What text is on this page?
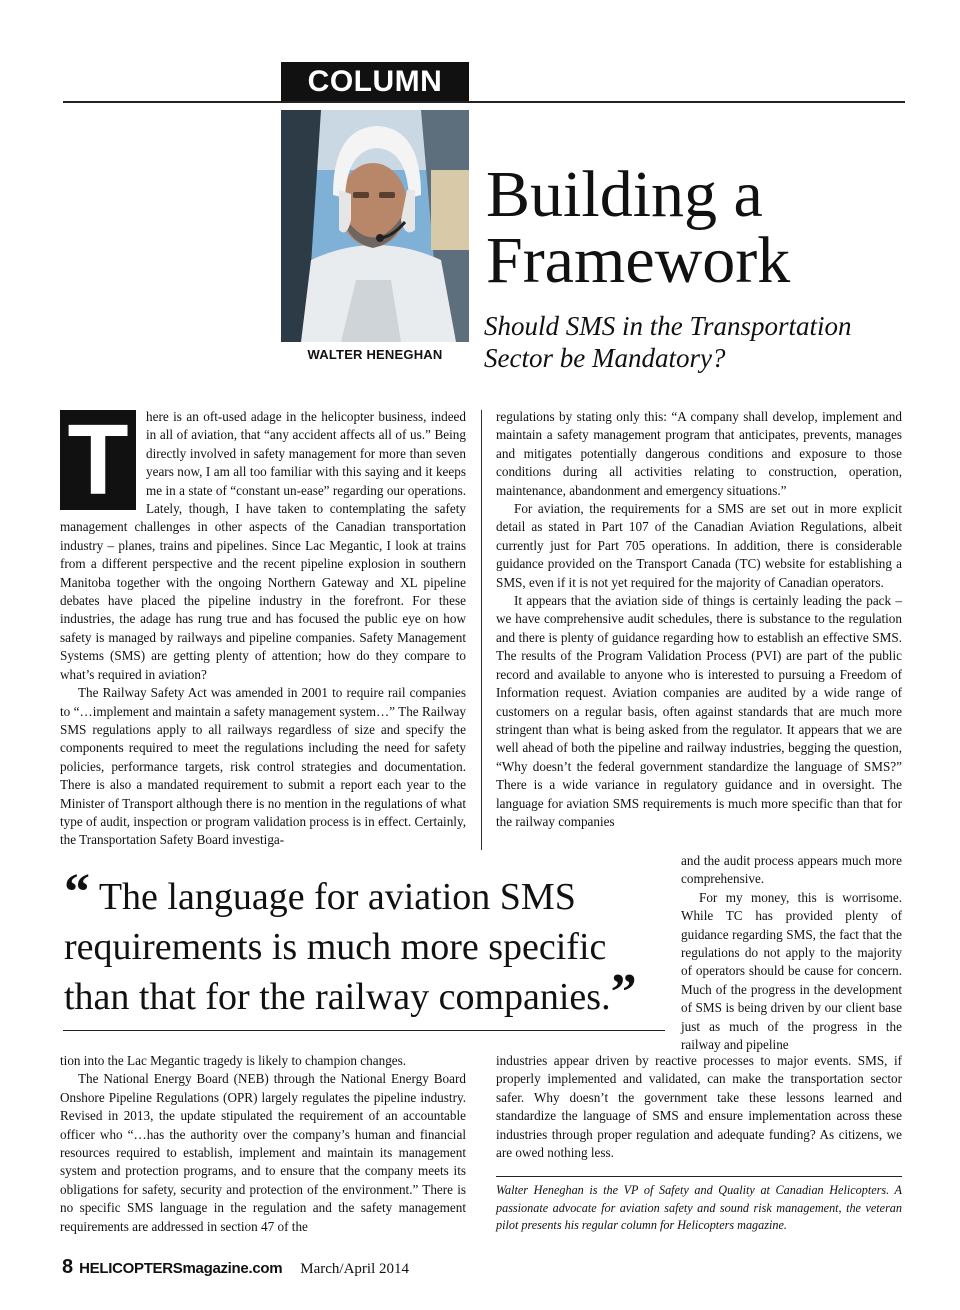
COLUMN
WALTER HENEGHAN
Building a
Framework
Should SMS in the Transportation Sector be Mandatory?

T	here is an oft-used adage in the helicopter business, indeed in all of aviation, that “any accident affects all of us.” Being directly involved in safety management for more than seven years now, I am all too familiar with this saying and it keeps me in a state of “constant un-ease” regarding our operations. Lately, though, I have taken to contemplating the safety management challenges in other aspects of the Canadian transportation industry – planes, trains and pipelines. Since Lac Megantic, I look at trains from a different perspective and the recent pipeline explosion in southern Manitoba together with the ongoing Northern Gateway and XL pipeline debates have placed the pipeline industry in the forefront. For these industries, the adage has rung true and has focused the public eye on how safety is managed by railways and pipeline companies. Safety Management Systems (SMS) are getting plenty of attention; how do they compare to what’s required in aviation?

The Railway Safety Act was amended in 2001 to require rail companies to “…implement and maintain a safety management system…” The Railway SMS regulations apply to all railways regardless of size and specify the components required to meet the regulations including the need for safety policies, performance targets, risk control strategies and documentation. There is also a mandated requirement to submit a report each year to the Minister of Transport although there is no mention in the regulations of what type of audit, inspection or program validation process is in effect. Certainly, the Transportation Safety Board investiga-

regulations by stating only this: “A company shall develop, implement and maintain a safety management program that anticipates, prevents, manages and mitigates potentially dangerous conditions and exposure to those conditions during all activities relating to construction, operation, maintenance, abandonment and emergency situations.”

For aviation, the requirements for a SMS are set out in more explicit detail as stated in Part 107 of the Canadian Aviation Regulations, albeit currently just for Part 705 operations. In addition, there is considerable guidance provided on the Transport Canada (TC) website for establishing a SMS, even if it is not yet required for the majority of Canadian operators.

It appears that the aviation side of things is certainly leading the pack – we have comprehensive audit schedules, there is substance to the regulation and there is plenty of guidance regarding how to establish an effective SMS. The results of the Program Validation Process (PVI) are part of the public record and available to anyone who is interested to pursuing a Freedom of Information request. Aviation companies are audited by a wide range of customers on a regular basis, often against standards that are much more stringent than what is being asked from the regulator. It appears that we are well ahead of both the pipeline and railway industries, begging the question, “Why doesn’t the federal government standardize the language of SMS?” There is a wide variance in regulatory guidance and in oversight. The language for aviation SMS requirements is much more specific than that for the railway companies

“ The language for aviation SMS requirements is much more specific than that for the railway companies.”

and the audit process appears much more comprehensive.

For my money, this is worrisome. While TC has provided plenty of guidance regarding SMS, the fact that the regulations do not apply to the majority of operators should be cause for concern. Much of the progress in the development of SMS is being driven by our client base just as much of the progress in the railway and pipeline

tion into the Lac Megantic tragedy is likely to champion changes.

The National Energy Board (NEB) through the National Energy Board Onshore Pipeline Regulations (OPR) largely regulates the pipeline industry. Revised in 2013, the update stipulated the requirement of an accountable officer who “…has the authority over the company’s human and financial resources required to establish, implement and maintain its management system and protection programs, and to ensure that the company meets its obligations for safety, security and protection of the environment.” There is no specific SMS language in the regulation and the safety management requirements are addressed in section 47 of the

industries appear driven by reactive processes to major events. SMS, if properly implemented and validated, can make the transportation sector safer. Why doesn’t the government take these lessons learned and standardize the language of SMS and ensure implementation across these industries through proper regulation and adequate funding? As citizens, we are owed nothing less.

Walter Heneghan is the VP of Safety and Quality at Canadian Helicopters. A passionate advocate for aviation safety and sound risk management, the veteran pilot presents his regular column for Helicopters magazine.
8 HELICOPTERSmagazine.com March/April 2014
